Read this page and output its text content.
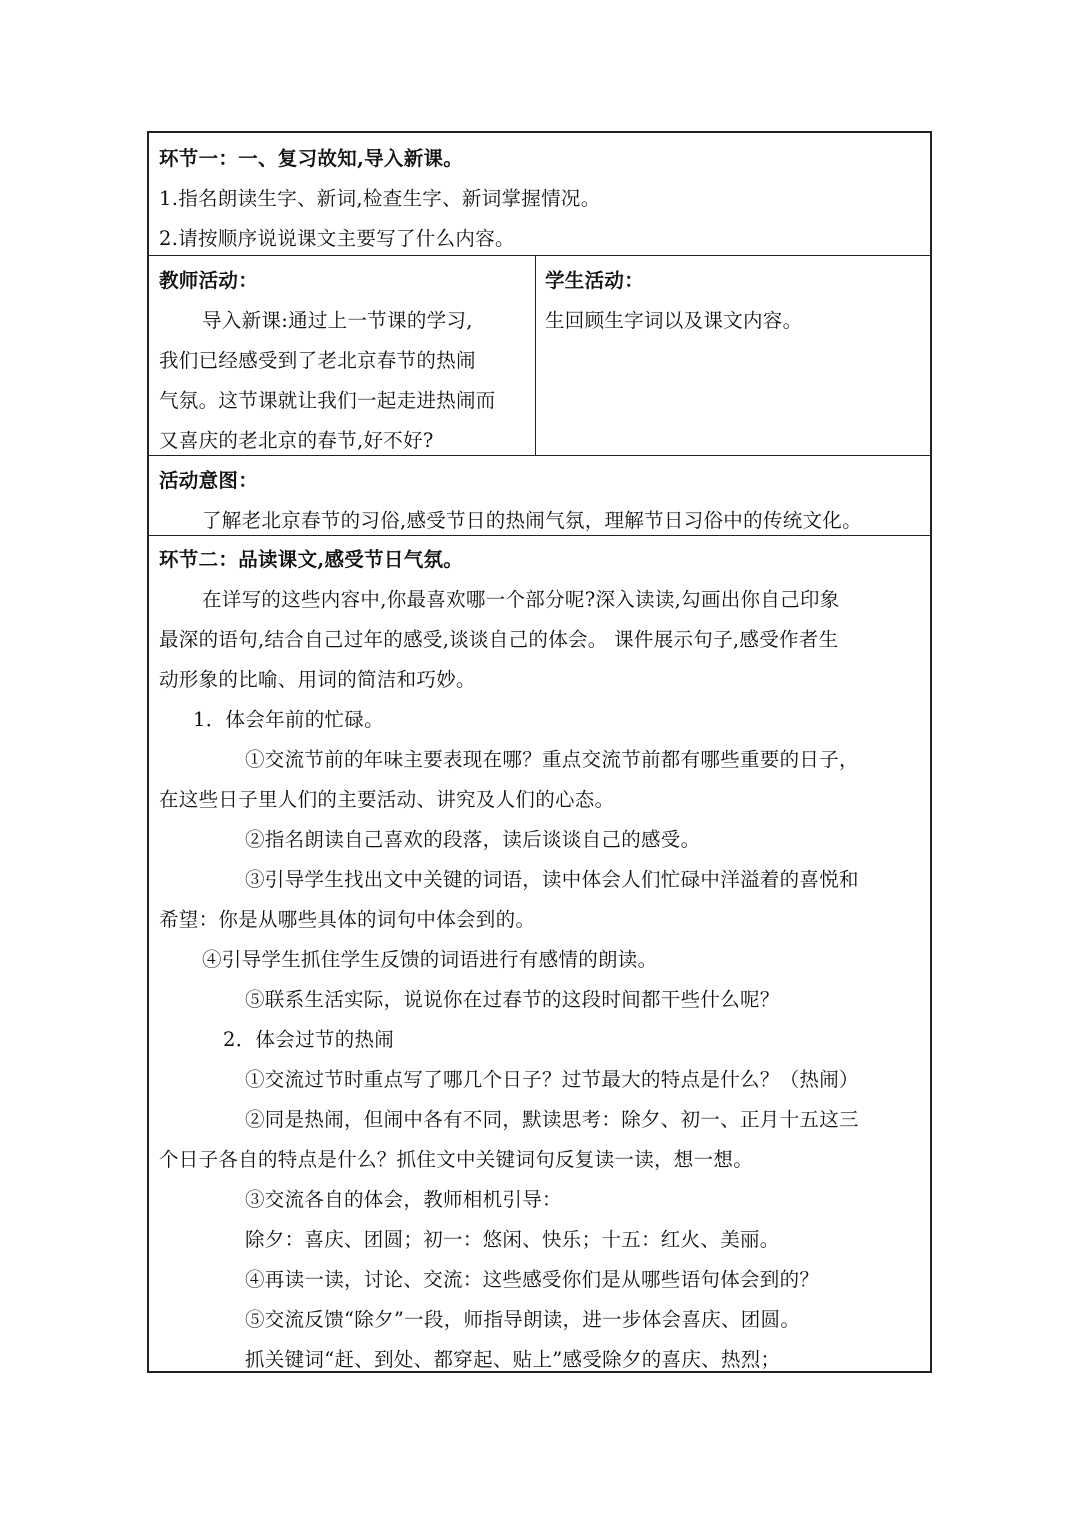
环节一：一、复习故知,导入新课。
1.指名朗读生字、新词,检查生字、新词掌握情况。
2.请按顺序说说课文主要写了什么内容。
教师活动：
导入新课:通过上一节课的学习,
我们已经感受到了老北京春节的热闹
气氛。这节课就让我们一起走进热闹而
又喜庆的老北京的春节,好不好?
学生活动：
生回顾生字词以及课文内容。
活动意图：
了解老北京春节的习俗,感受节日的热闹气氛，理解节日习俗中的传统文化。
环节二：品读课文,感受节日气氛。
在详写的这些内容中,你最喜欢哪一个部分呢?深入读读,勾画出你自己印象
最深的语句,结合自己过年的感受,谈谈自己的体会。 课件展示句子,感受作者生
动形象的比喻、用词的简洁和巧妙。
1．体会年前的忙碌。
①交流节前的年味主要表现在哪？重点交流节前都有哪些重要的日子，
在这些日子里人们的主要活动、讲究及人们的心态。
②指名朗读自己喜欢的段落，读后谈谈自己的感受。
③引导学生找出文中关键的词语，读中体会人们忙碌中洋溢着的喜悦和
希望：你是从哪些具体的词句中体会到的。
④引导学生抓住学生反馈的词语进行有感情的朗读。
⑤联系生活实际，说说你在过春节的这段时间都干些什么呢？
2．体会过节的热闹
①交流过节时重点写了哪几个日子？过节最大的特点是什么？（热闹）
②同是热闹，但闹中各有不同，默读思考：除夕、初一、正月十五这三
个日子各自的特点是什么？抓住文中关键词句反复读一读，想一想。
③交流各自的体会，教师相机引导：
除夕：喜庆、团圆；初一：悠闲、快乐；十五：红火、美丽。
④再读一读，讨论、交流：这些感受你们是从哪些语句体会到的？
⑤交流反馈“除夕”一段，师指导朗读，进一步体会喜庆、团圆。
抓关键词“赶、到处、都穿起、贴上”感受除夕的喜庆、热烈；
